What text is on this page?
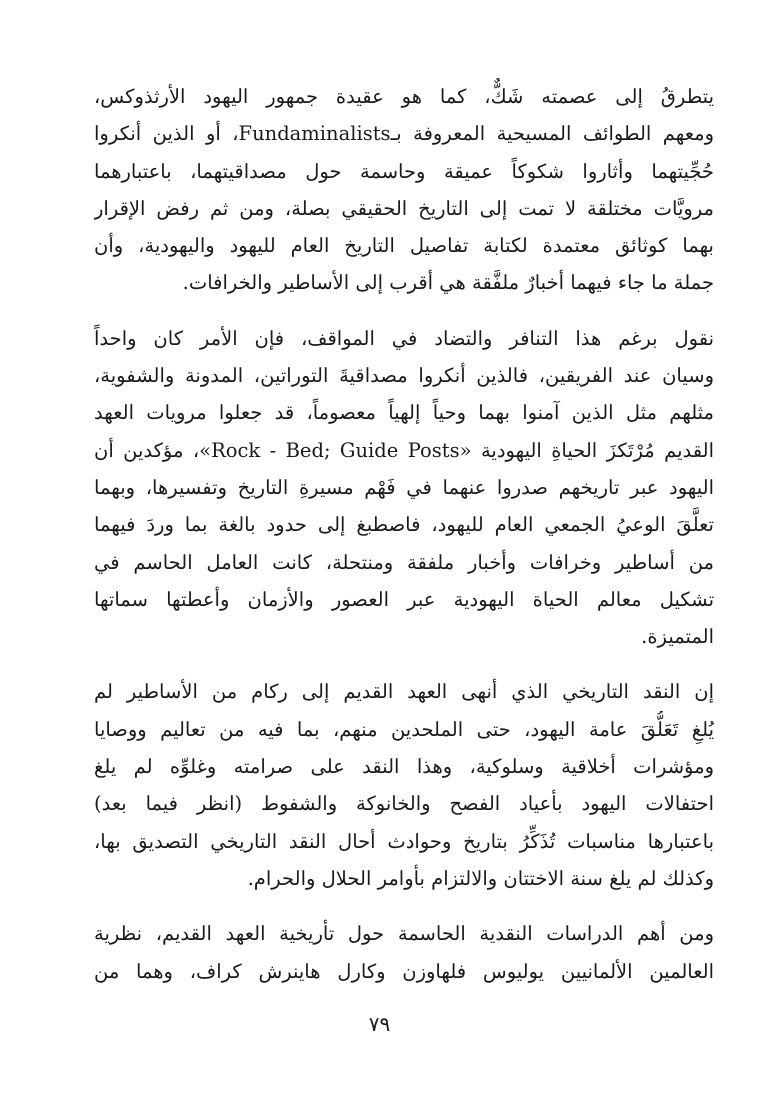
يتطرقُ إلى عصمته شَكٌّ، كما هو عقيدة جمهور اليهود الأرثذوكس،
ومعهم الطوائف المسيحية المعروفة بـFundaminalists، أو الذين أنكروا
حُجِّيتهما وأثاروا شكوكاً عميقة وحاسمة حول مصداقيتهما، باعتبارهما
مرويَّات مختلقة لا تمت إلى التاريخ الحقيقي بصلة، ومن ثم رفض الإقرار
بهما كوثائق معتمدة لكتابة تفاصيل التاريخ العام لليهود واليهودية، وأن
جملة ما جاء فيهما أخبارٌ ملفَّقة هي أقرب إلى الأساطير والخرافات.
نقول برغم هذا التنافر والتضاد في المواقف، فإن الأمر كان واحداً
وسيان عند الفريقين، فالذين أنكروا مصداقيةَ التوراتين، المدونة والشفوية،
مثلهم مثل الذين آمنوا بهما وحياً إلهياً معصوماً، قد جعلوا مرويات العهد
القديم مُرْتَكزَ الحياةِ اليهودية «Rock - Bed; Guide Posts»، مؤكدين أن
اليهود عبر تاريخهم صدروا عنهما في فَهْم مسيرةِ التاريخ وتفسيرها، وبهما
تعلَّقَ الوعيُ الجمعي العام لليهود، فاصطبغ إلى حدود بالغة بما وردَ فيهما
من أساطير وخرافات وأخبار ملفقة ومنتحلة، كانت العامل الحاسم في
تشكيل معالم الحياة اليهودية عبر العصور والأزمان وأعطتها سماتها
المتميزة.
إن النقد التاريخي الذي أنهى العهد القديم إلى ركام من الأساطير لم
يُلغِ تَعَلُّقَ عامة اليهود، حتى الملحدين منهم، بما فيه من تعاليم ووصايا
ومؤشرات أخلاقية وسلوكية، وهذا النقد على صرامته وغلوِّه لم يلغ
احتفالات اليهود بأعياد الفصح والخانوكة والشفوط (انظر فيما بعد)
باعتبارها مناسبات تُذَكِّرُ بتاريخ وحوادث أحال النقد التاريخي التصديق بها،
وكذلك لم يلغ سنة الاختتان والالتزام بأوامر الحلال والحرام.
ومن أهم الدراسات النقدية الحاسمة حول تأريخية العهد القديم، نظرية
العالمين الألمانيين يوليوس فلهاوزن وكارل هاينرش كراف، وهما من
٧٩
